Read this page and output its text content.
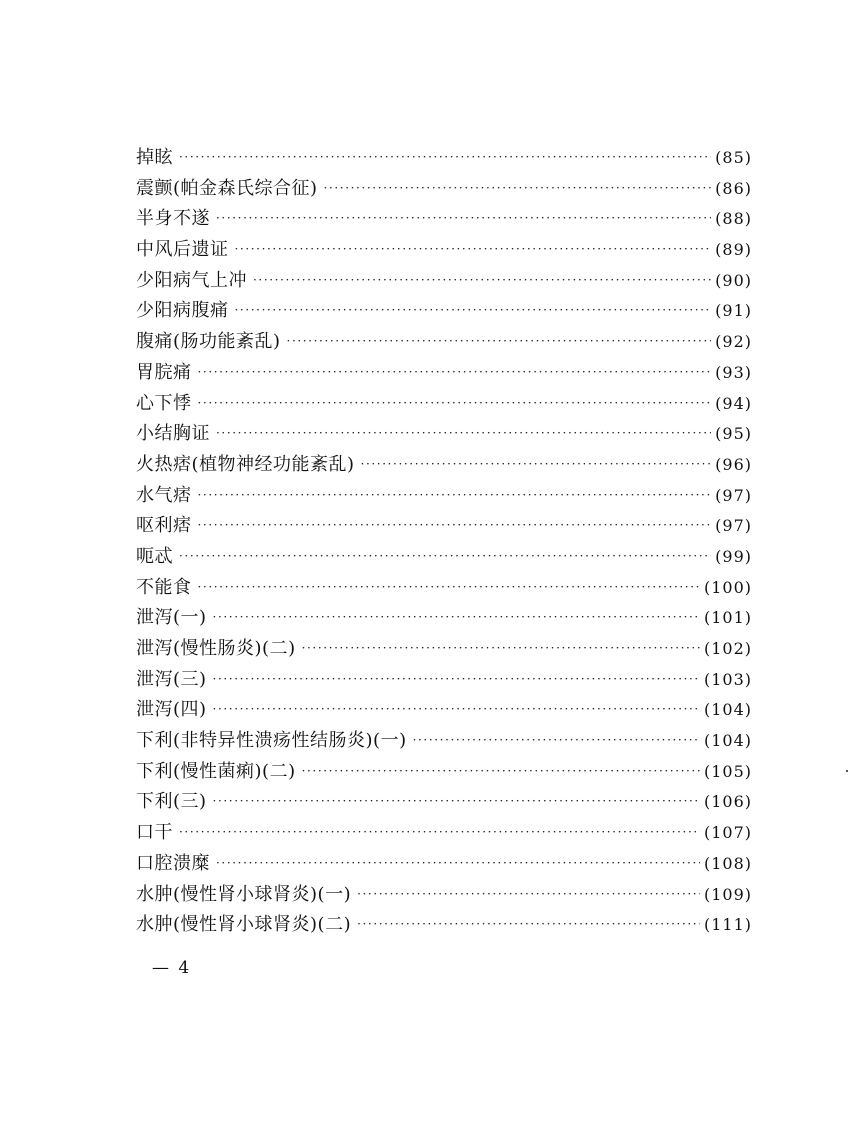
掉眩 ·····	(85)
震颤(帕金森氏综合征) ·····	(86)
半身不遂 ·····	(88)
中风后遗证 ·····	(89)
少阳病气上冲 ·····	(90)
少阳病腹痛 ·····	(91)
腹痛(肠功能紊乱) ·····	(92)
胃脘痛 ·····	(93)
心下悸 ·····	(94)
小结胸证 ·····	(95)
火热痞(植物神经功能紊乱) ·····	(96)
水气痞 ·····	(97)
呕利痞 ·····	(97)
呃忒 ·····	(99)
不能食 ·····	(100)
泄泻(一) ·····	(101)
泄泻(慢性肠炎)(二) ·····	(102)
泄泻(三) ·····	(103)
泄泻(四) ·····	(104)
下利(非特异性溃疡性结肠炎)(一) ·····	(104)
下利(慢性菌痢)(二) ·····	(105)
下利(三) ·····	(106)
口干 ·····	(107)
口腔溃糜 ·····	(108)
水肿(慢性肾小球肾炎)(一) ·····	(109)
水肿(慢性肾小球肾炎)(二) ·····	(111)
— 4
